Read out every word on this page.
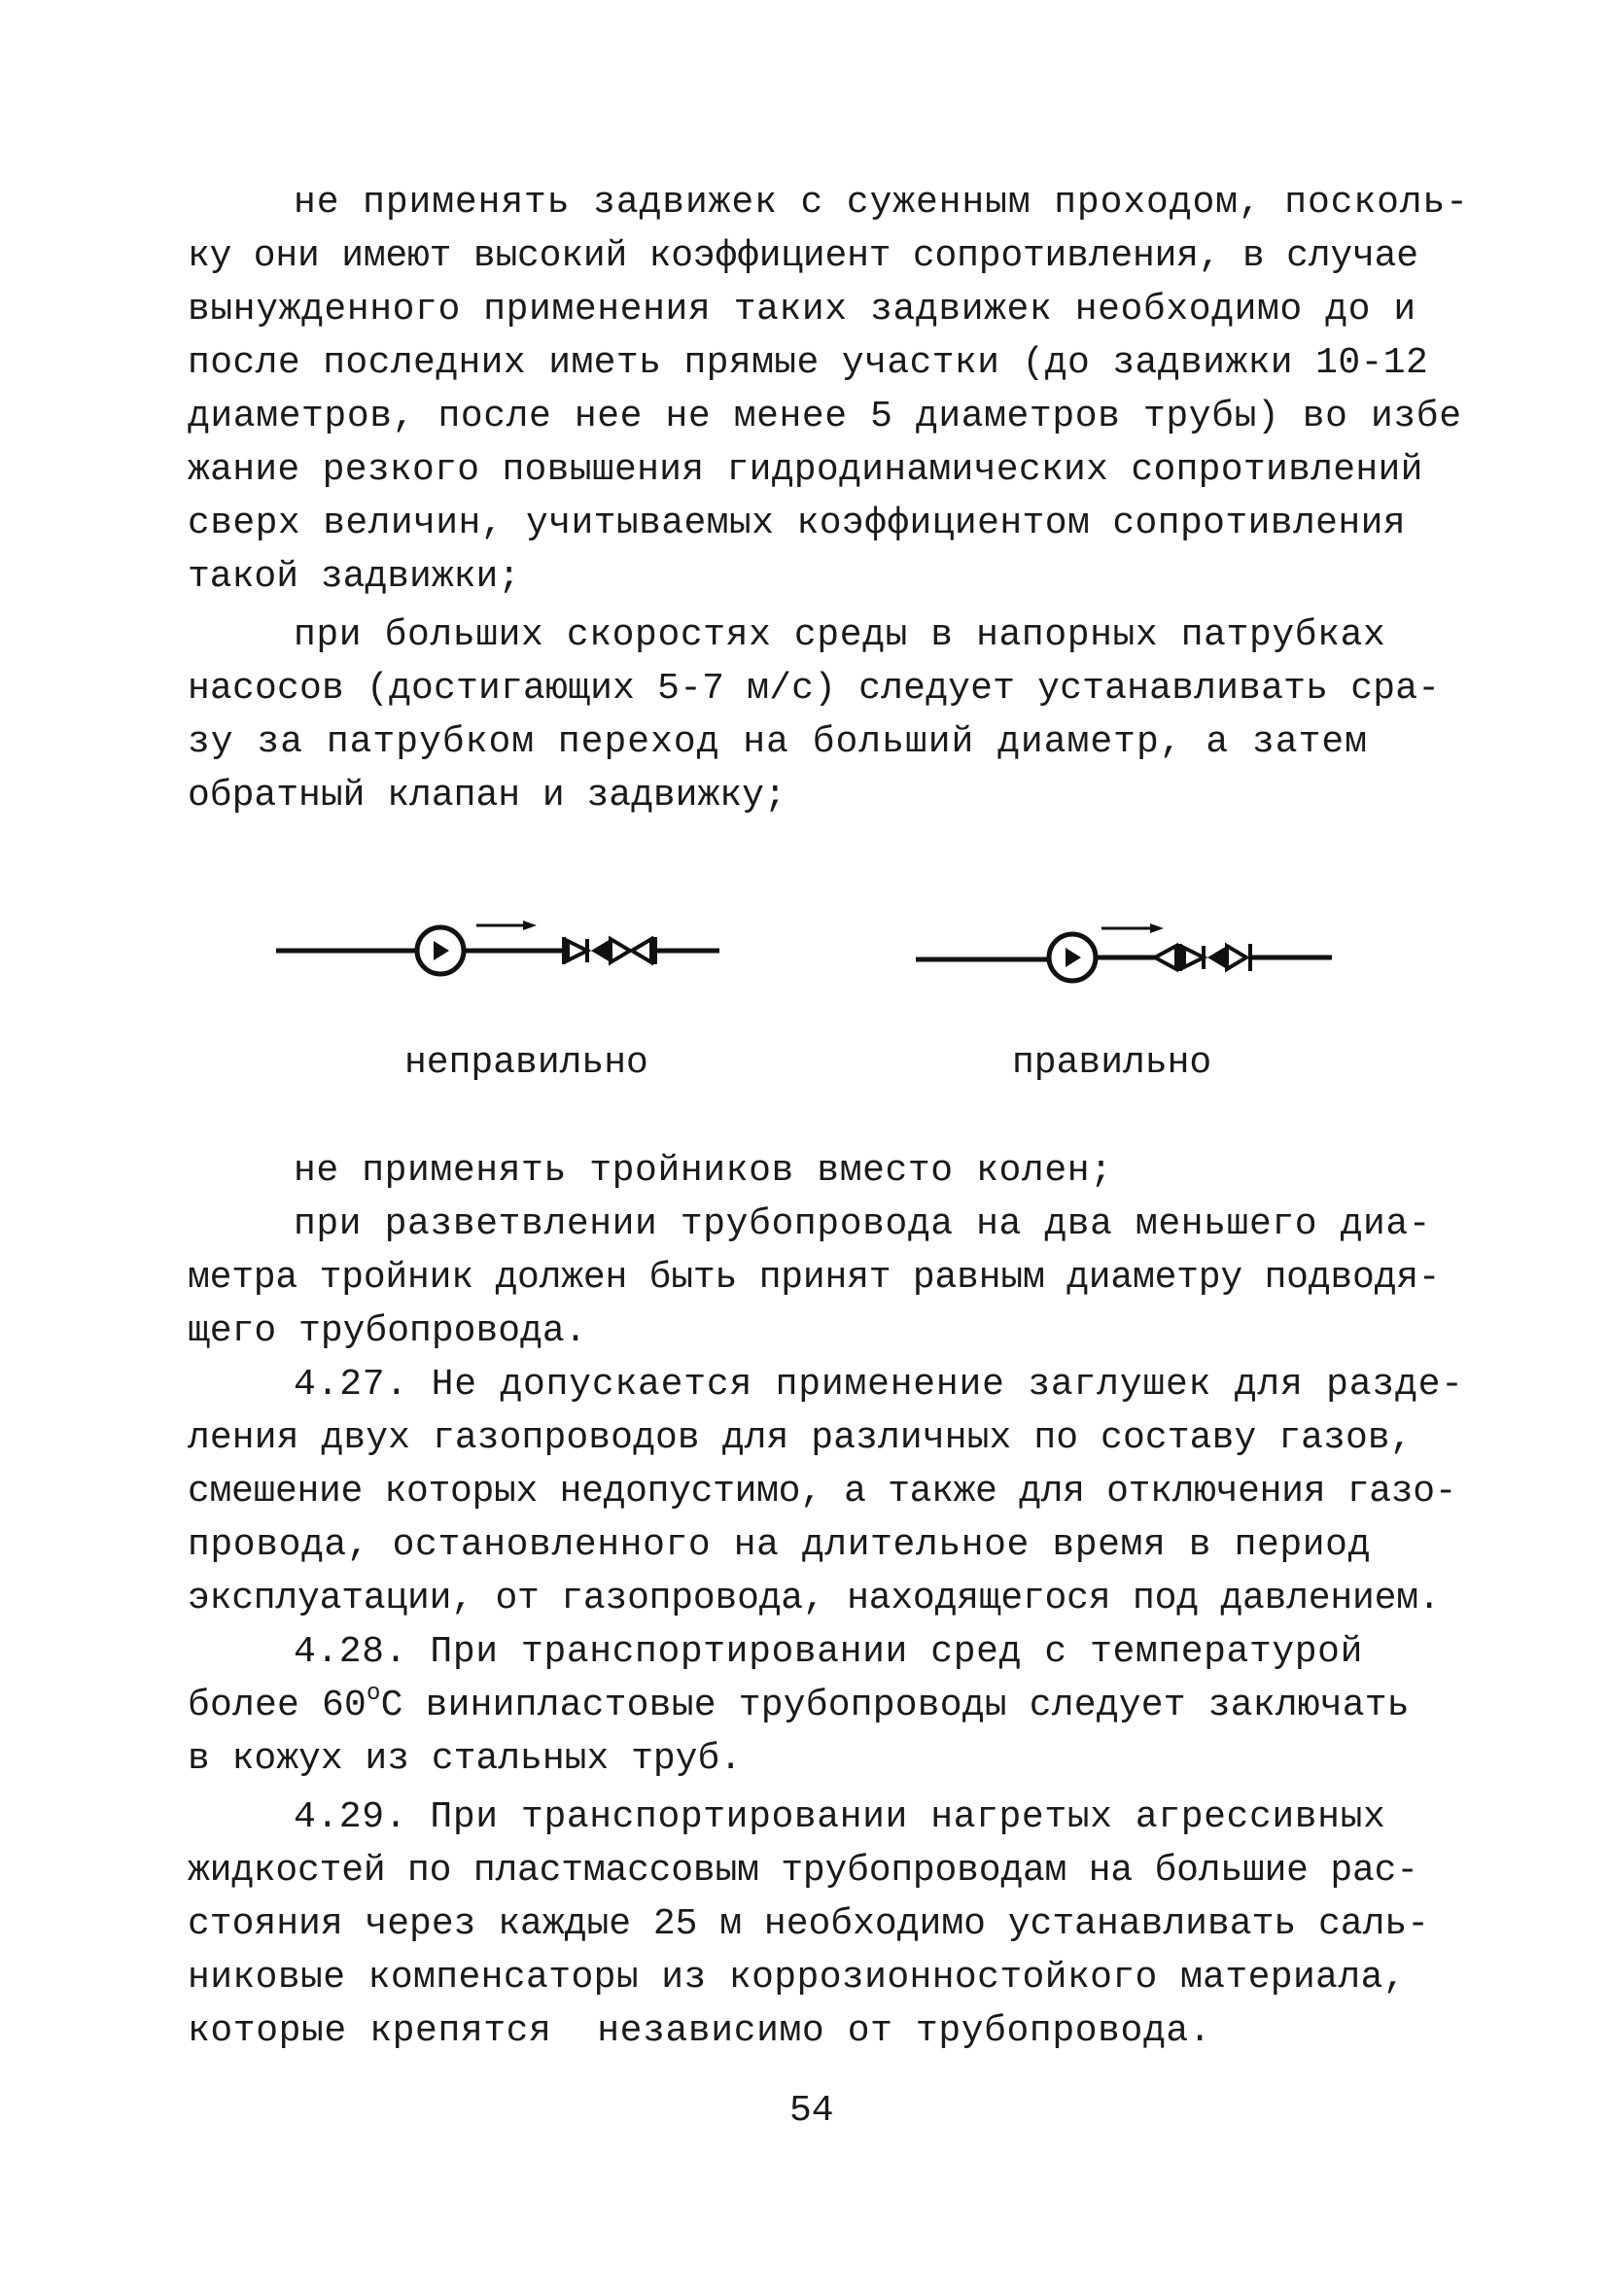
не применять задвижек с суженным проходом, посколь-
ку они имеют высокий коэффициент сопротивления, в случае
вынужденного применения таких задвижек необходимо до и
после последних иметь прямые участки (до задвижки 10-12
диаметров, после нее не менее 5 диаметров трубы) во избе
жание резкого повышения гидродинамических сопротивлений
сверх величин, учитываемых коэффициентом сопротивления
такой задвижки;
при больших скоростях среды в напорных патрубках
насосов (достигающих 5-7 м/с) следует устанавливать сра-
зу за патрубком переход на больший диаметр, а затем
обратный клапан и задвижку;
неправильно	правильно
не применять тройников вместо колен;
при разветвлении трубопровода на два меньшего диа-
метра тройник должен быть принят равным диаметру подводя-
щего трубопровода.
4.27. Не допускается применение заглушек для разде-
ления двух газопроводов для различных по составу газов,
смешение которых недопустимо, а также для отключения газо-
провода, остановленного на длительное время в период
эксплуатации, от газопровода, находящегося под давлением.
4.28. При транспортировании сред с температурой
более 60$^o$С винипластовые трубопроводы следует заключать
в кожух из стальных труб.
4.29. При транспортировании нагретых агрессивных
жидкостей по пластмассовым трубопроводам на большие рас-
стояния через каждые 25 м необходимо устанавливать саль-
никовые компенсаторы из коррозионностойкого материала,
которые крепятся  независимо от трубопровода.
54
